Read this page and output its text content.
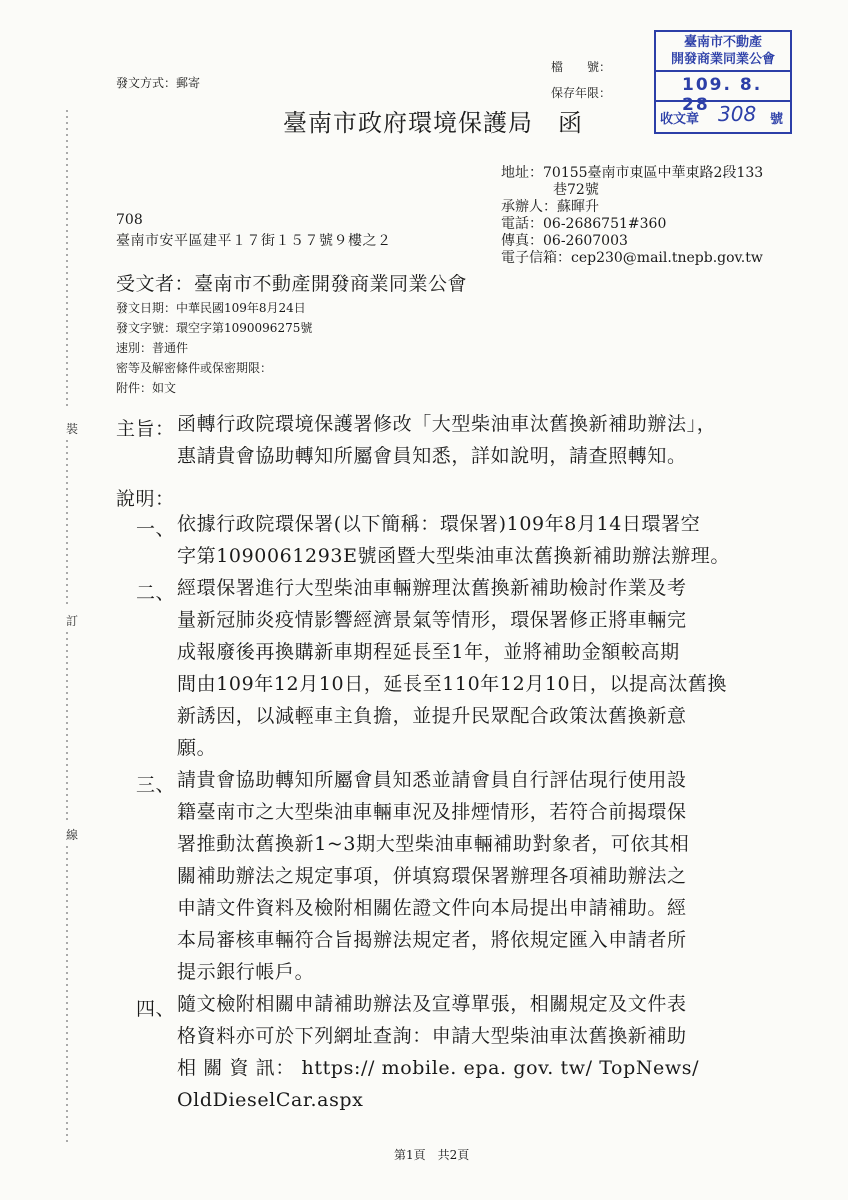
發文方式：郵寄
檔　　號：
保存年限：
臺南市政府環境保護局　函
臺南市不動產
開發商業同業公會
109. 8. 28
收文章 308 號
地址：70155臺南市東區中華東路2段133
巷72號
承辦人：蘇暉升
電話：06-2686751#360
傳真：06-2607003
電子信箱：cep230@mail.tnepb.gov.tw
708
臺南市安平區建平１７街１５７號９樓之２
受文者：臺南市不動產開發商業同業公會
發文日期：中華民國109年8月24日
發文字號：環空字第1090096275號
速別：普通件
密等及解密條件或保密期限：
附件：如文
裝
訂
線
主旨： 函轉行政院環境保護署修改「大型柴油車汰舊換新補助辦法」，
惠請貴會協助轉知所屬會員知悉，詳如說明，請查照轉知。
說明：
一、 依據行政院環保署(以下簡稱：環保署)109年8月14日環署空
字第1090061293E號函暨大型柴油車汰舊換新補助辦法辦理。
二、 經環保署進行大型柴油車輛辦理汰舊換新補助檢討作業及考
量新冠肺炎疫情影響經濟景氣等情形，環保署修正將車輛完
成報廢後再換購新車期程延長至1年，並將補助金額較高期
間由109年12月10日，延長至110年12月10日，以提高汰舊換
新誘因，以減輕車主負擔，並提升民眾配合政策汰舊換新意
願。
三、 請貴會協助轉知所屬會員知悉並請會員自行評估現行使用設
籍臺南市之大型柴油車輛車況及排煙情形，若符合前揭環保
署推動汰舊換新1~3期大型柴油車輛補助對象者，可依其相
關補助辦法之規定事項，併填寫環保署辦理各項補助辦法之
申請文件資料及檢附相關佐證文件向本局提出申請補助。經
本局審核車輛符合旨揭辦法規定者，將依規定匯入申請者所
提示銀行帳戶。
四、 隨文檢附相關申請補助辦法及宣導單張，相關規定及文件表
格資料亦可於下列網址查詢：申請大型柴油車汰舊換新補助
相 關 資 訊： https:// mobile. epa. gov. tw/ TopNews/
OldDieselCar.aspx
第1頁　共2頁
